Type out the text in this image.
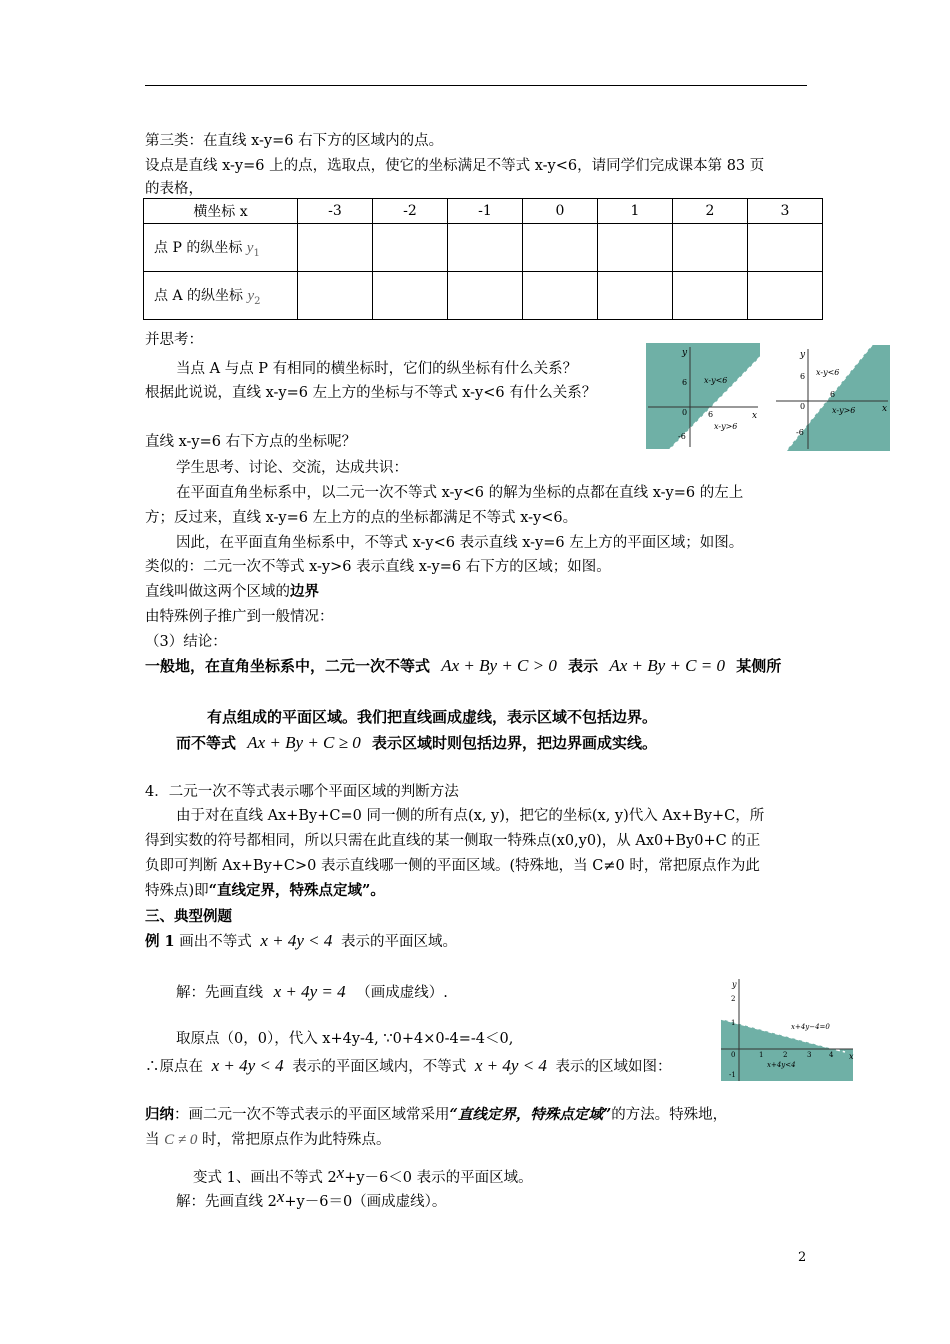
第三类：在直线 x-y=6 右下方的区域内的点。
设点是直线 x-y=6 上的点，选取点，使它的坐标满足不等式 x-y<6，请同学们完成课本第 83 页
的表格，
横坐标 x	-3	-2	-1	0	1	2	3
点 P 的纵坐标 $y_1$							
点 A 的纵坐标 $y_2$							
并思考：
当点 A 与点 P 有相同的横坐标时，它们的纵坐标有什么关系？
根据此说说，直线 x-y=6 左上方的坐标与不等式 x-y<6 有什么关系？
直线 x-y=6 右下方点的坐标呢？
学生思考、讨论、交流，达成共识：
在平面直角坐标系中，以二元一次不等式 x-y<6 的解为坐标的点都在直线 x-y=6 的左上
方；反过来，直线 x-y=6 左上方的点的坐标都满足不等式 x-y<6。
因此，在平面直角坐标系中，不等式 x-y<6 表示直线 x-y=6 左上方的平面区域；如图。
类似的：二元一次不等式 x-y>6 表示直线 x-y=6 右下方的区域；如图。
直线叫做这两个区域的边界
由特殊例子推广到一般情况：
（3）结论：
y
x
6
0
-6
6
x-y<6
x-y>6
y
x
6
0
-6
6
x-y<6
x-y>6
一般地，在直角坐标系中，二元一次不等式 Ax + By + C > 0 表示 Ax + By + C = 0 某侧所
有点组成的平面区域。我们把直线画成虚线，表示区域不包括边界。
而不等式 Ax + By + C ≥ 0 表示区域时则包括边界，把边界画成实线。
4．二元一次不等式表示哪个平面区域的判断方法
由于对在直线 Ax+By+C=0 同一侧的所有点(x, y)，把它的坐标(x, y)代入 Ax+By+C，所
得到实数的符号都相同，所以只需在此直线的某一侧取一特殊点(x0,y0)，从 Ax0+By0+C 的正
负即可判断 Ax+By+C>0 表示直线哪一侧的平面区域。(特殊地，当 C≠0 时，常把原点作为此
特殊点)即“直线定界，特殊点定域”。
三、典型例题
例 1 画出不等式 x + 4y < 4 表示的平面区域。
解：先画直线 x + 4y = 4 （画成虚线）.
取原点（0，0），代入 x+4y-4, ∵0+4×0-4=-4＜0,
∴原点在 x + 4y < 4 表示的平面区域内，不等式 x + 4y < 4 表示的区域如图：
y
x
2
1
0	1	2	3	4
-1
x+4y−4=0
x+4y<4
归纳：画二元一次不等式表示的平面区域常采用“直线定界，特殊点定域”的方法。特殊地，
当 C ≠ 0 时，常把原点作为此特殊点。
变式 1、画出不等式 2x+y－6＜0 表示的平面区域。
解：先画直线 2x+y－6＝0（画成虚线）。
2
